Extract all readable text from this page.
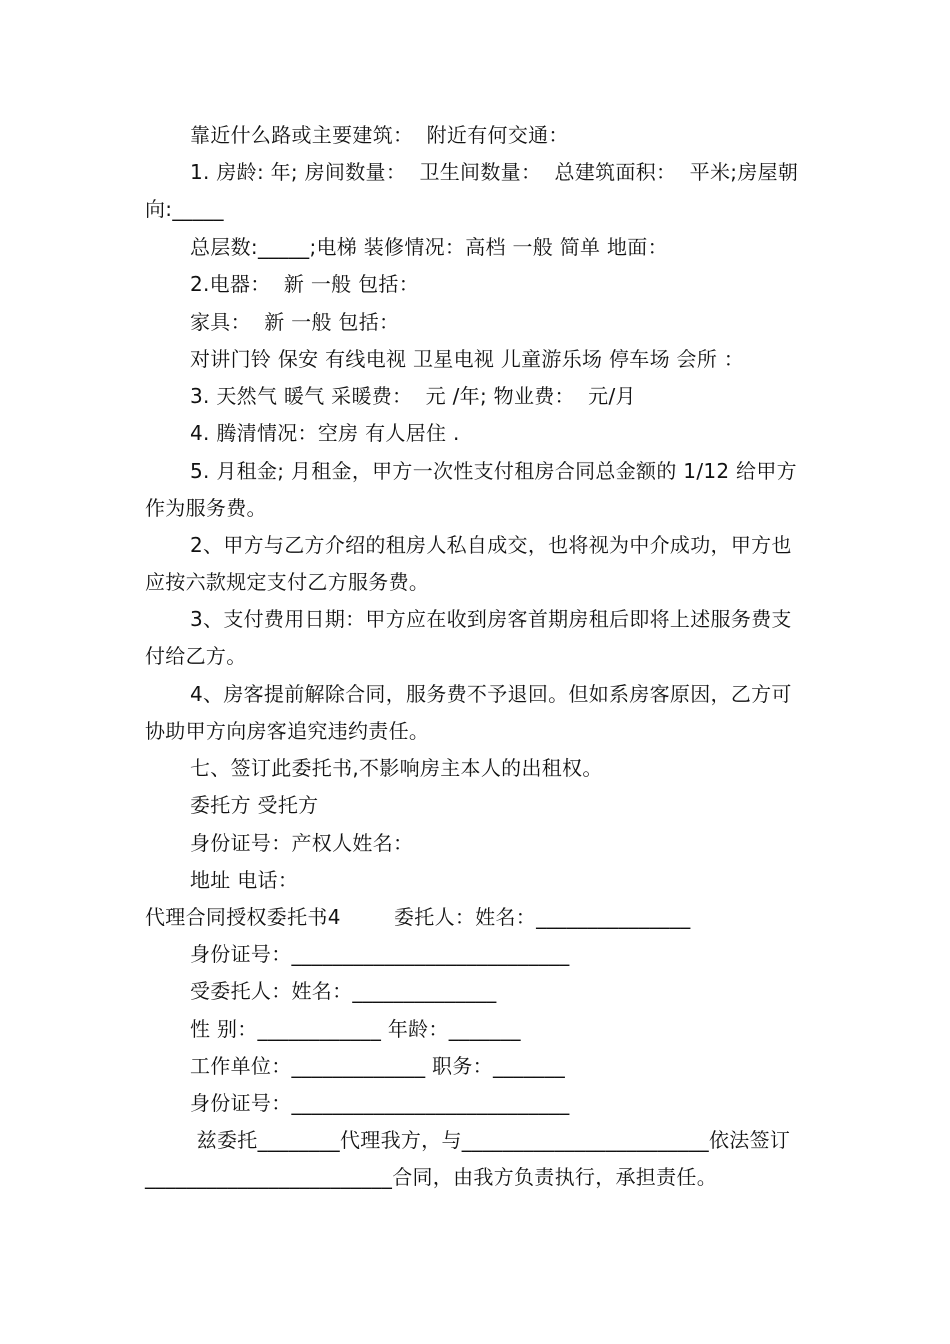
靠近什么路或主要建筑：  附近有何交通：
1. 房龄: 年; 房间数量：  卫生间数量：  总建筑面积：  平米;房屋朝向:_____
总层数:_____;电梯 装修情况：高档 一般 简单 地面：
2.电器：  新 一般 包括：
家具：  新 一般 包括：
对讲门铃 保安 有线电视 卫星电视 儿童游乐场 停车场 会所 ：
3. 天然气 暖气 采暖费：  元 /年; 物业费：  元/月
4. 腾清情况：空房 有人居住 .
5. 月租金; 月租金，甲方一次性支付租房合同总金额的 1/12 给甲方作为服务费。
2、甲方与乙方介绍的租房人私自成交，也将视为中介成功，甲方也应按六款规定支付乙方服务费。
3、支付费用日期：甲方应在收到房客首期房租后即将上述服务费支付给乙方。
4、房客提前解除合同，服务费不予退回。但如系房客原因，乙方可协助甲方向房客追究违约责任。
七、签订此委托书,不影响房主本人的出租权。
委托方 受托方
身份证号：产权人姓名：
地址 电话：
代理合同授权委托书4        委托人：姓名：_______________
身份证号：___________________________
受委托人：姓名：______________
性 别：____________ 年龄：_______
工作单位：_____________ 职务：_______
身份证号：___________________________
兹委托________代理我方，与________________________依法签订________________________合同，由我方负责执行，承担责任。
